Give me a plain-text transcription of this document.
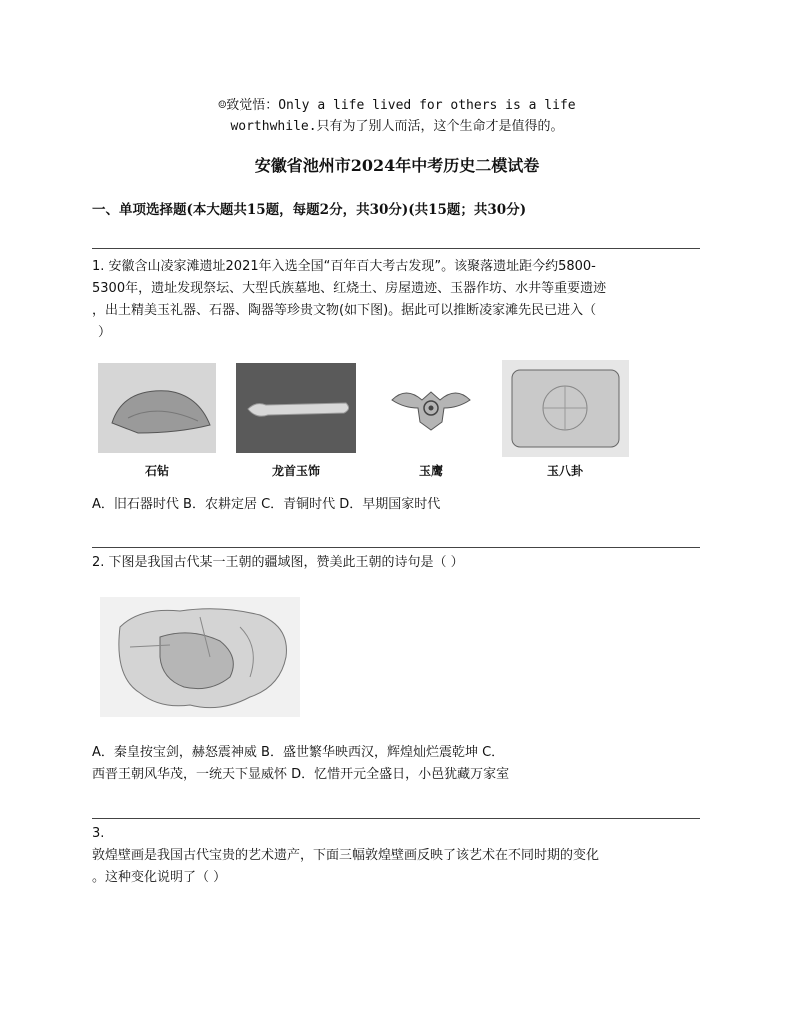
☺致觉悟：Only a life lived for others is a life
worthwhile.只有为了别人而活，这个生命才是值得的。
安徽省池州市2024年中考历史二模试卷
一、单项选择题(本大题共15题，每题2分，共30分)(共15题；共30分)
1. 安徽含山凌家滩遗址2021年入选全国“百年百大考古发现”。该聚落遗址距今约5800-
5300年，遗址发现祭坛、大型氏族墓地、红烧土、房屋遗迹、玉器作坊、水井等重要遗迹
，出土精美玉礼器、石器、陶器等珍贵文物(如下图)。据此可以推断凌家滩先民已进入（
）
石钻	龙首玉饰	玉鹰	玉八卦
A．旧石器时代 B．农耕定居 C．青铜时代 D．早期国家时代
2. 下图是我国古代某一王朝的疆域图，赞美此王朝的诗句是（ ）
A．秦皇按宝剑，赫怒震神威 B．盛世繁华映西汉，辉煌灿烂震乾坤 C．
西晋王朝风华茂，一统天下显威怀 D．忆惜开元全盛日，小邑犹藏万家室
3.
敦煌壁画是我国古代宝贵的艺术遗产，下面三幅敦煌壁画反映了该艺术在不同时期的变化
。这种变化说明了（ ）
